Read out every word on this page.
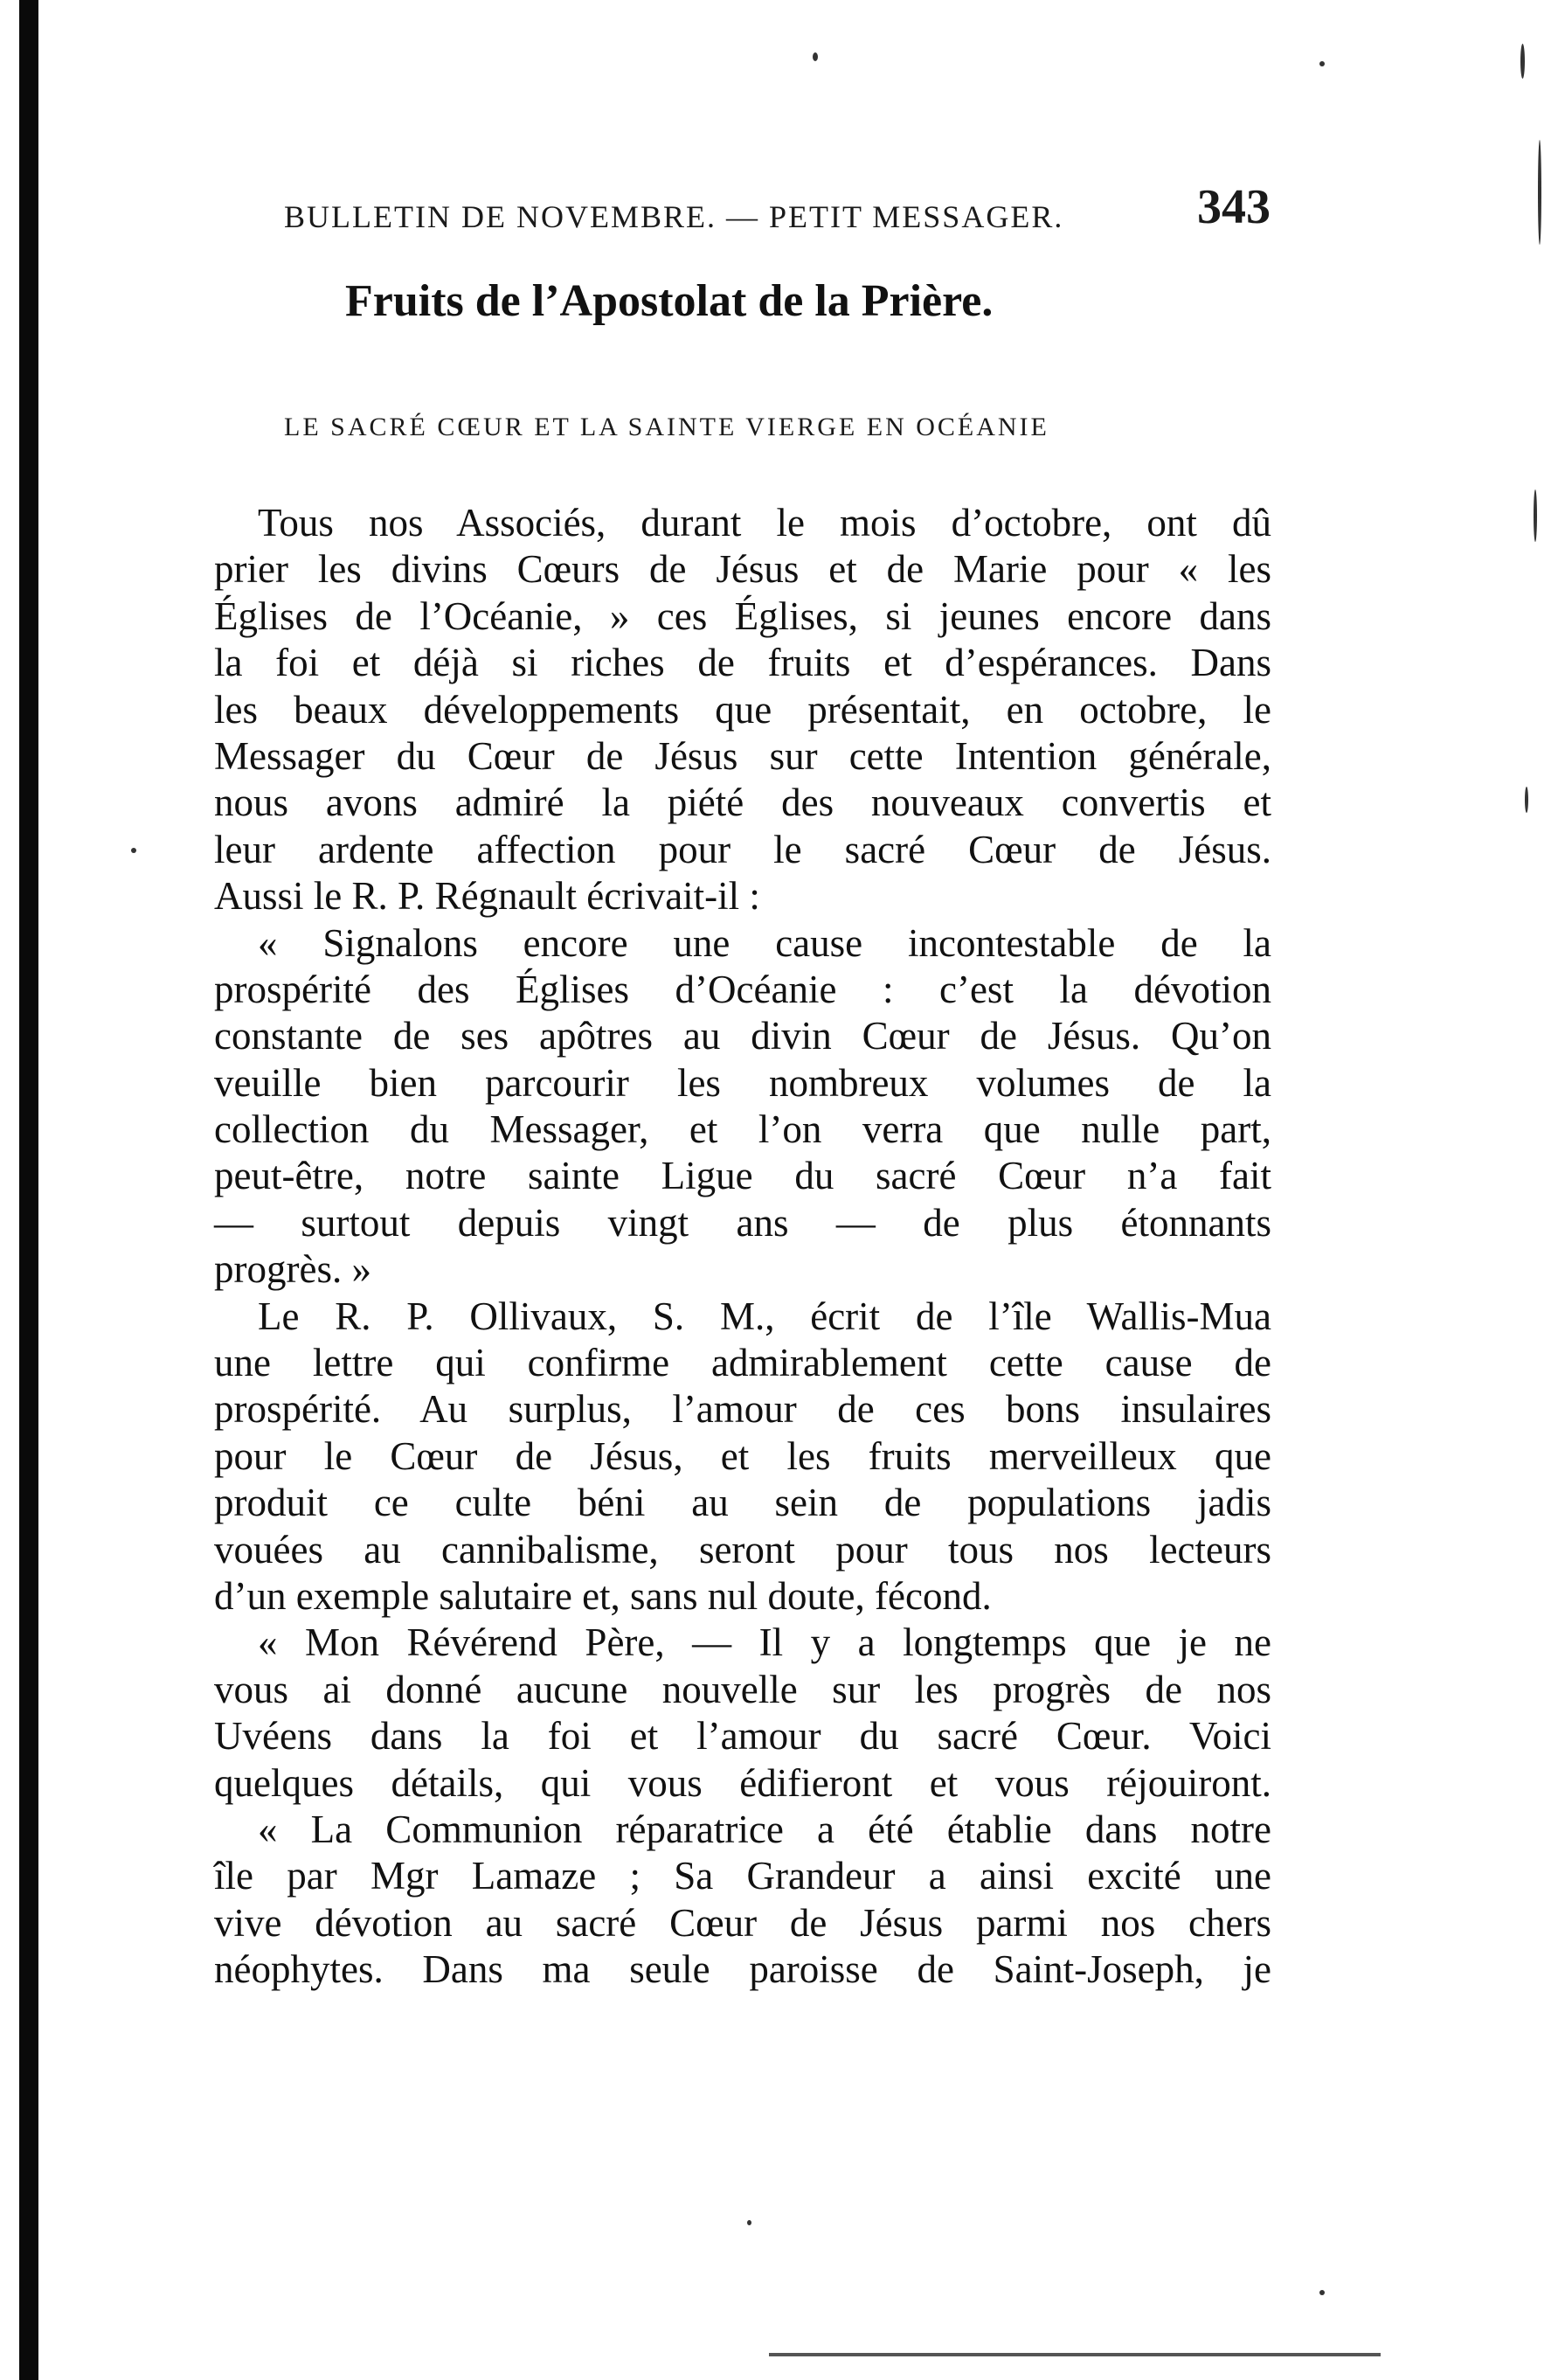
BULLETIN DE NOVEMBRE. — PETIT MESSAGER.	343
Fruits de l’Apostolat de la Prière.
LE SACRÉ CŒUR ET LA SAINTE VIERGE EN OCÉANIE
Tous nos Associés, durant le mois d’octobre, ont dû
prier les divins Cœurs de Jésus et de Marie pour « les
Églises de l’Océanie, » ces Églises, si jeunes encore dans
la foi et déjà si riches de fruits et d’espérances. Dans
les beaux développements que présentait, en octobre, le
Messager du Cœur de Jésus sur cette Intention générale,
nous avons admiré la piété des nouveaux convertis et
leur ardente affection pour le sacré Cœur de Jésus.
Aussi le R. P. Régnault écrivait-il :
« Signalons encore une cause incontestable de la
prospérité des Églises d’Océanie : c’est la dévotion
constante de ses apôtres au divin Cœur de Jésus. Qu’on
veuille bien parcourir les nombreux volumes de la
collection du Messager, et l’on verra que nulle part,
peut-être, notre sainte Ligue du sacré Cœur n’a fait
— surtout depuis vingt ans — de plus étonnants
progrès. »
Le R. P. Ollivaux, S. M., écrit de l’île Wallis-Mua
une lettre qui confirme admirablement cette cause de
prospérité. Au surplus, l’amour de ces bons insulaires
pour le Cœur de Jésus, et les fruits merveilleux que
produit ce culte béni au sein de populations jadis
vouées au cannibalisme, seront pour tous nos lecteurs
d’un exemple salutaire et, sans nul doute, fécond.
« Mon Révérend Père, — Il y a longtemps que je ne
vous ai donné aucune nouvelle sur les progrès de nos
Uvéens dans la foi et l’amour du sacré Cœur. Voici
quelques détails, qui vous édifieront et vous réjouiront.
« La Communion réparatrice a été établie dans notre
île par Mgr Lamaze ; Sa Grandeur a ainsi excité une
vive dévotion au sacré Cœur de Jésus parmi nos chers
néophytes. Dans ma seule paroisse de Saint-Joseph, je
